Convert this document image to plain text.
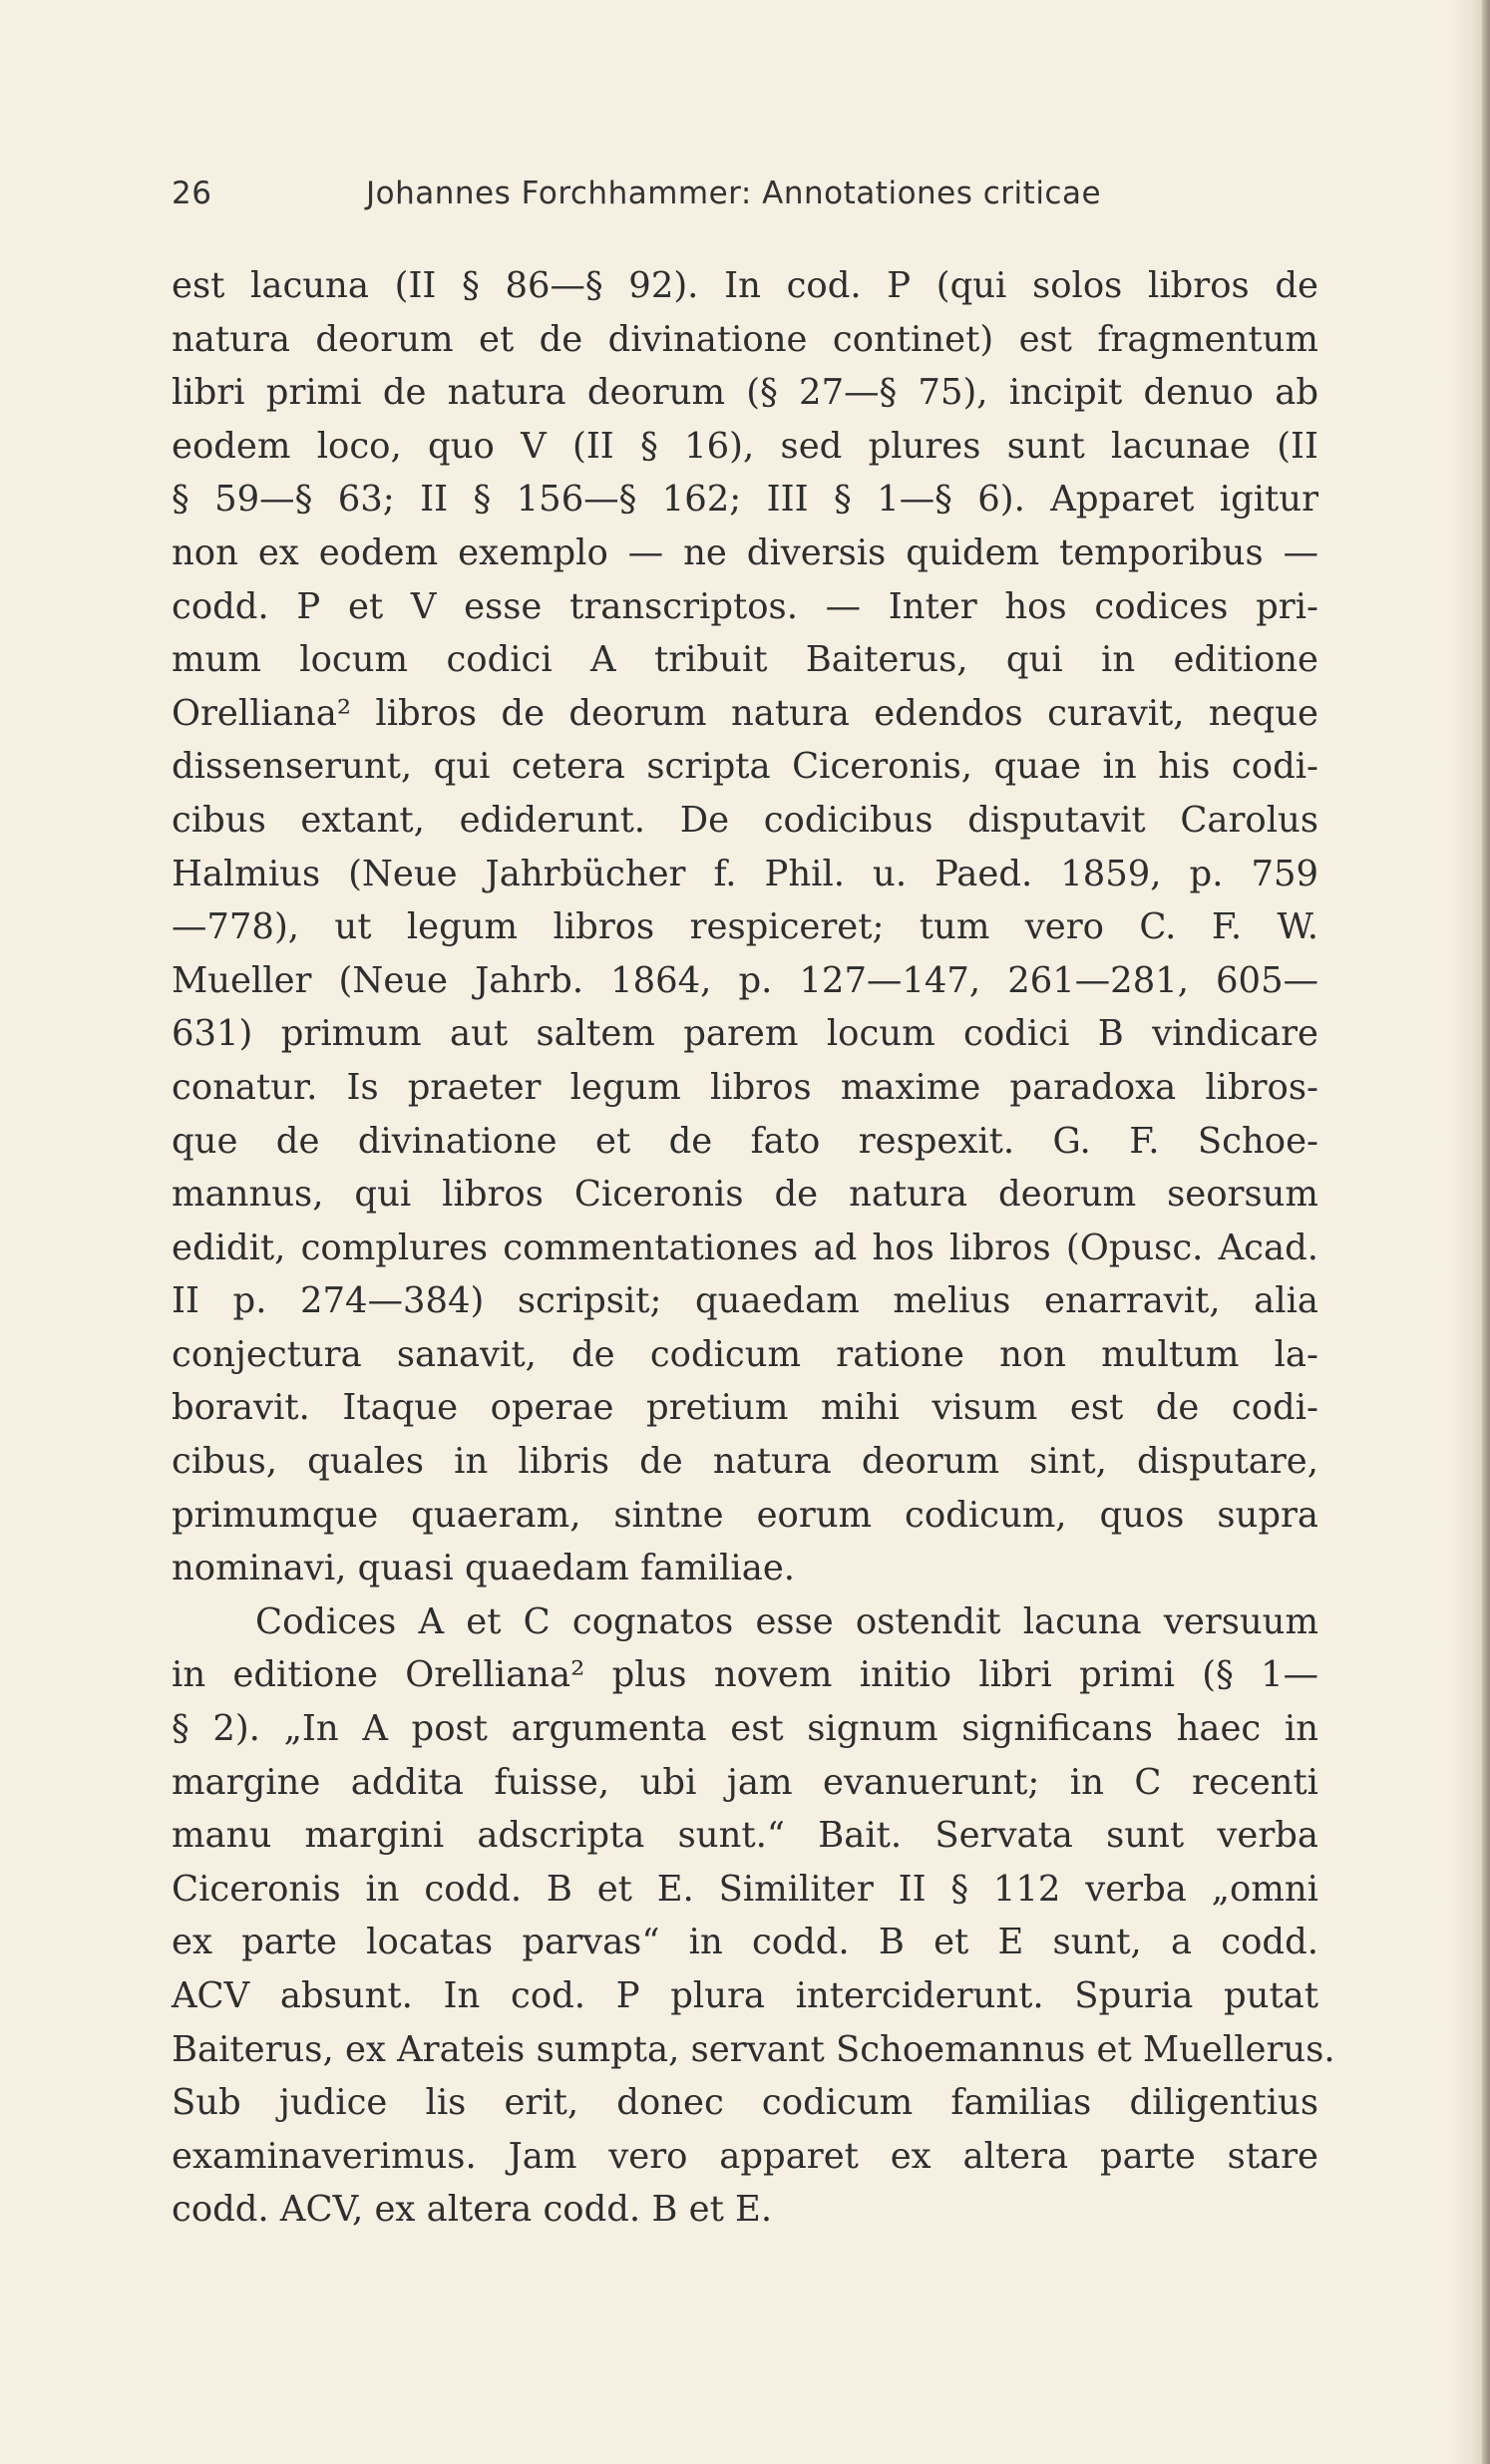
26	Johannes Forchhammer: Annotationes criticae
est lacuna (II § 86—§ 92). In cod. P (qui solos libros de
natura deorum et de divinatione continet) est fragmentum
libri primi de natura deorum (§ 27—§ 75), incipit denuo ab
eodem loco, quo V (II § 16), sed plures sunt lacunae (II
§ 59—§ 63; II § 156—§ 162; III § 1—§ 6). Apparet igitur
non ex eodem exemplo — ne diversis quidem temporibus —
codd. P et V esse transcriptos. — Inter hos codices pri-
mum locum codici A tribuit Baiterus, qui in editione
Orelliana² libros de deorum natura edendos curavit, neque
dissenserunt, qui cetera scripta Ciceronis, quae in his codi-
cibus extant, ediderunt. De codicibus disputavit Carolus
Halmius (Neue Jahrbücher f. Phil. u. Paed. 1859, p. 759
—778), ut legum libros respiceret; tum vero C. F. W.
Mueller (Neue Jahrb. 1864, p. 127—147, 261—281, 605—
631) primum aut saltem parem locum codici B vindicare
conatur. Is praeter legum libros maxime paradoxa libros-
que de divinatione et de fato respexit. G. F. Schoe-
mannus, qui libros Ciceronis de natura deorum seorsum
edidit, complures commentationes ad hos libros (Opusc. Acad.
II p. 274—384) scripsit; quaedam melius enarravit, alia
conjectura sanavit, de codicum ratione non multum la-
boravit. Itaque operae pretium mihi visum est de codi-
cibus, quales in libris de natura deorum sint, disputare,
primumque quaeram, sintne eorum codicum, quos supra
nominavi, quasi quaedam familiae.
Codices A et C cognatos esse ostendit lacuna versuum
in editione Orelliana² plus novem initio libri primi (§ 1—
§ 2). „In A post argumenta est signum significans haec in
margine addita fuisse, ubi jam evanuerunt; in C recenti
manu margini adscripta sunt.“ Bait. Servata sunt verba
Ciceronis in codd. B et E. Similiter II § 112 verba „omni
ex parte locatas parvas“ in codd. B et E sunt, a codd.
ACV absunt. In cod. P plura interciderunt. Spuria putat
Baiterus, ex Arateis sumpta, servant Schoemannus et Muellerus.
Sub judice lis erit, donec codicum familias diligentius
examinaverimus. Jam vero apparet ex altera parte stare
codd. ACV, ex altera codd. B et E.
